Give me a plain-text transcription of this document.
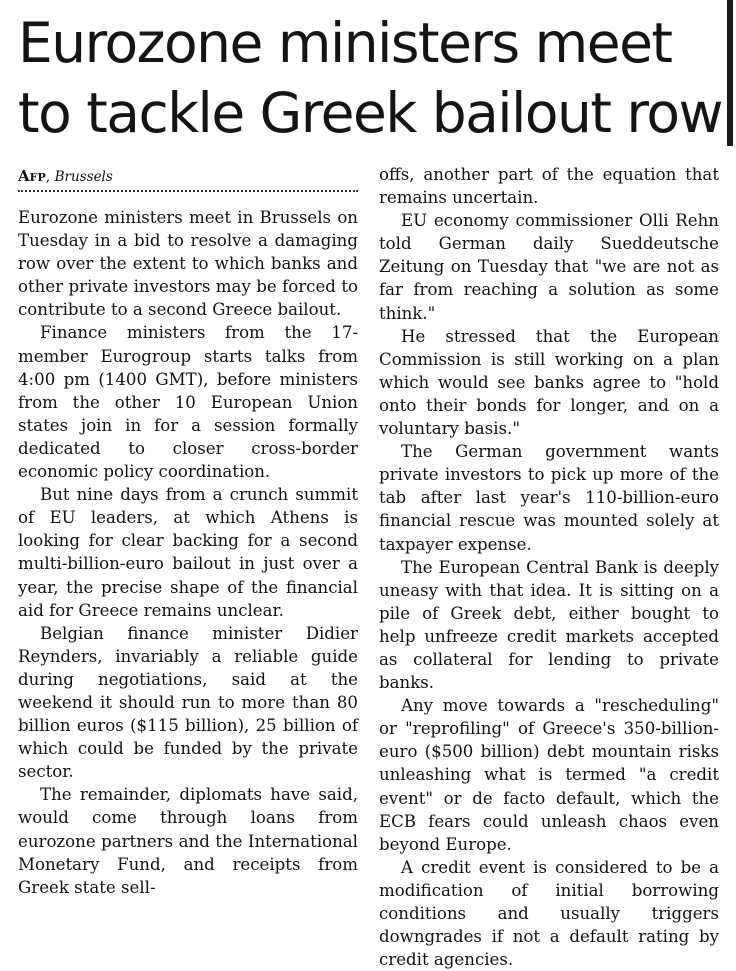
Eurozone ministers meet to tackle Greek bailout row
Afp, Brussels

Eurozone ministers meet in Brussels on Tuesday in a bid to resolve a damaging row over the extent to which banks and other private investors may be forced to contribute to a second Greece bailout.

Finance ministers from the 17-member Eurogroup starts talks from 4:00 pm (1400 GMT), before ministers from the other 10 European Union states join in for a session formally dedicated to closer cross-border economic policy coordination.

But nine days from a crunch summit of EU leaders, at which Athens is looking for clear backing for a second multi-billion-euro bailout in just over a year, the precise shape of the financial aid for Greece remains unclear.

Belgian finance minister Didier Reynders, invariably a reliable guide during negotiations, said at the weekend it should run to more than 80 billion euros ($115 billion), 25 billion of which could be funded by the private sector.

The remainder, diplomats have said, would come through loans from eurozone partners and the International Monetary Fund, and receipts from Greek state sell-

offs, another part of the equation that remains uncertain.

EU economy commissioner Olli Rehn told German daily Sueddeutsche Zeitung on Tuesday that "we are not as far from reaching a solution as some think."

He stressed that the European Commission is still working on a plan which would see banks agree to "hold onto their bonds for longer, and on a voluntary basis."

The German government wants private investors to pick up more of the tab after last year's 110-billion-euro financial rescue was mounted solely at taxpayer expense.

The European Central Bank is deeply uneasy with that idea. It is sitting on a pile of Greek debt, either bought to help unfreeze credit markets accepted as collateral for lending to private banks.

Any move towards a "rescheduling" or "reprofiling" of Greece's 350-billion-euro ($500 billion) debt mountain risks unleashing what is termed "a credit event" or de facto default, which the ECB fears could unleash chaos even beyond Europe.

A credit event is considered to be a modification of initial borrowing conditions and usually triggers downgrades if not a default rating by credit agencies.
